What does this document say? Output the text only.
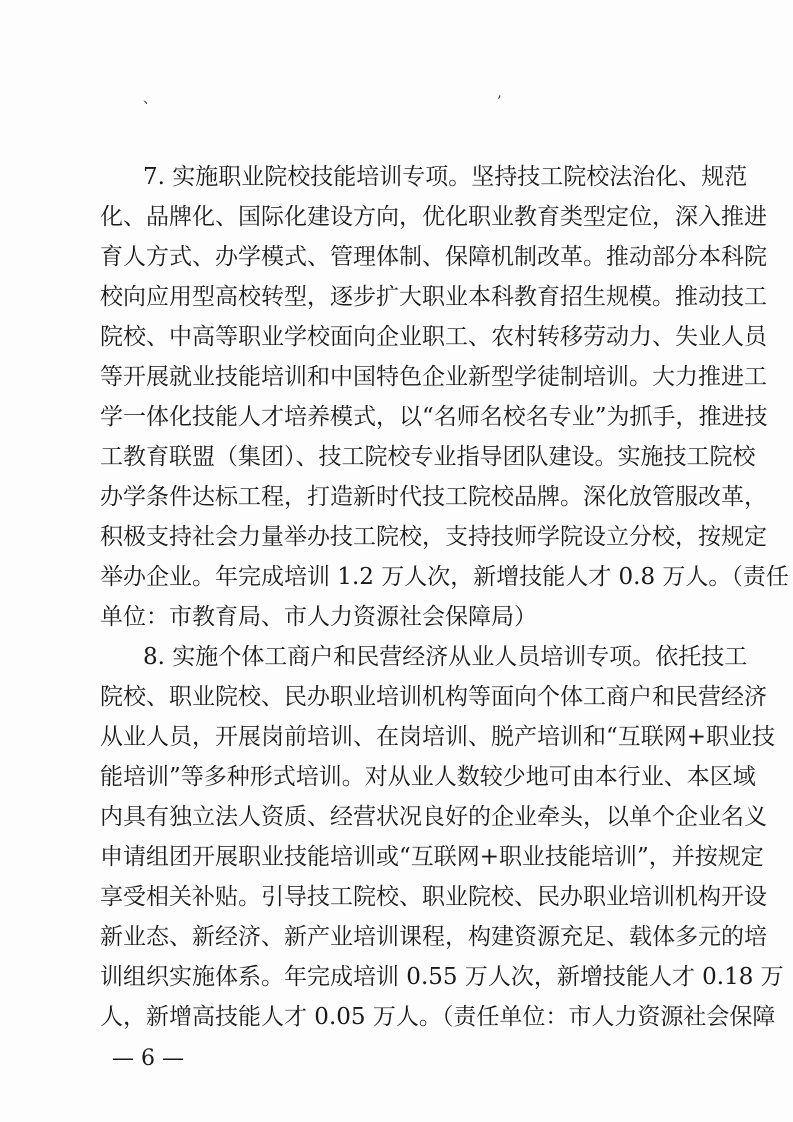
、	’
7. 实施职业院校技能培训专项。坚持技工院校法治化、规范
化、品牌化、国际化建设方向，优化职业教育类型定位，深入推进
育人方式、办学模式、管理体制、保障机制改革。推动部分本科院
校向应用型高校转型，逐步扩大职业本科教育招生规模。推动技工
院校、中高等职业学校面向企业职工、农村转移劳动力、失业人员
等开展就业技能培训和中国特色企业新型学徒制培训。大力推进工
学一体化技能人才培养模式，以“名师名校名专业”为抓手，推进技
工教育联盟（集团）、技工院校专业指导团队建设。实施技工院校
办学条件达标工程，打造新时代技工院校品牌。深化放管服改革，
积极支持社会力量举办技工院校，支持技师学院设立分校，按规定
举办企业。年完成培训 1.2 万人次，新增技能人才 0.8 万人。（责任
单位：市教育局、市人力资源社会保障局）
8. 实施个体工商户和民营经济从业人员培训专项。依托技工
院校、职业院校、民办职业培训机构等面向个体工商户和民营经济
从业人员，开展岗前培训、在岗培训、脱产培训和“互联网+职业技
能培训”等多种形式培训。对从业人数较少地可由本行业、本区域
内具有独立法人资质、经营状况良好的企业牵头，以单个企业名义
申请组团开展职业技能培训或“互联网+职业技能培训”，并按规定
享受相关补贴。引导技工院校、职业院校、民办职业培训机构开设
新业态、新经济、新产业培训课程，构建资源充足、载体多元的培
训组织实施体系。年完成培训 0.55 万人次，新增技能人才 0.18 万
人，新增高技能人才 0.05 万人。（责任单位：市人力资源社会保障
— 6 —
